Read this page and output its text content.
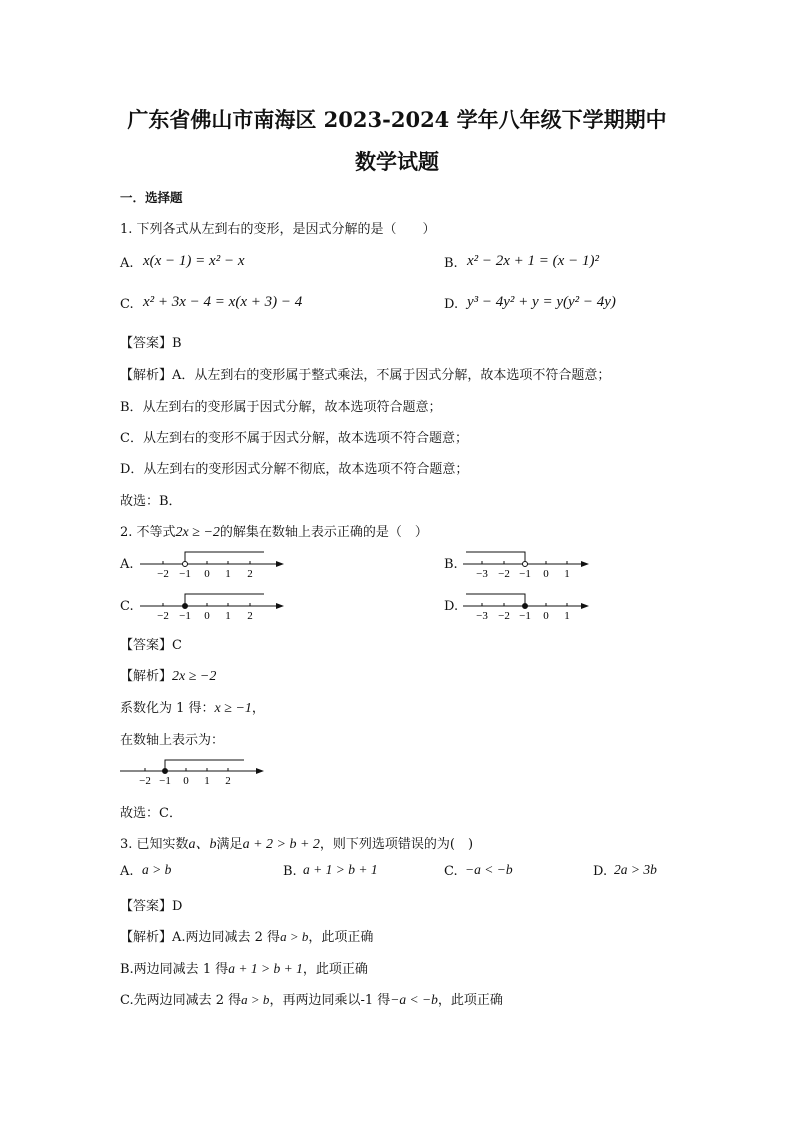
广东省佛山市南海区 2023-2024 学年八年级下学期期中
数学试题
一．选择题
1. 下列各式从左到右的变形，是因式分解的是（　　）
A. x(x − 1) = x² − x	B. x² − 2x + 1 = (x − 1)²
C. x² + 3x − 4 = x(x + 3) − 4	D. y³ − 4y² + y = y(y² − 4y)
【答案】B
【解析】A．从左到右的变形属于整式乘法，不属于因式分解，故本选项不符合题意；
B．从左到右的变形属于因式分解，故本选项符合题意；
C．从左到右的变形不属于因式分解，故本选项不符合题意；
D．从左到右的变形因式分解不彻底，故本选项不符合题意；
故选：B．
2. 不等式2x ≥ −2的解集在数轴上表示正确的是（　）
A.
−2 −1 0 1 2
B.
−3 −2 −1 0 1
C.
−2 −1 0 1 2
D.
−3 −2 −1 0 1
【答案】C
【解析】2x ≥ −2
系数化为 1 得：x ≥ −1，
在数轴上表示为：
−2 −1 0 1 2
故选：C．
3. 已知实数a、b满足a + 2 > b + 2，则下列选项错误的为(　)
A. a > b	B. a + 1 > b + 1	C. −a < −b	D. 2a > 3b
【答案】D
【解析】A.两边同减去 2 得a > b，此项正确
B.两边同减去 1 得a + 1 > b + 1，此项正确
C.先两边同减去 2 得a > b，再两边同乘以-1 得−a < −b，此项正确
